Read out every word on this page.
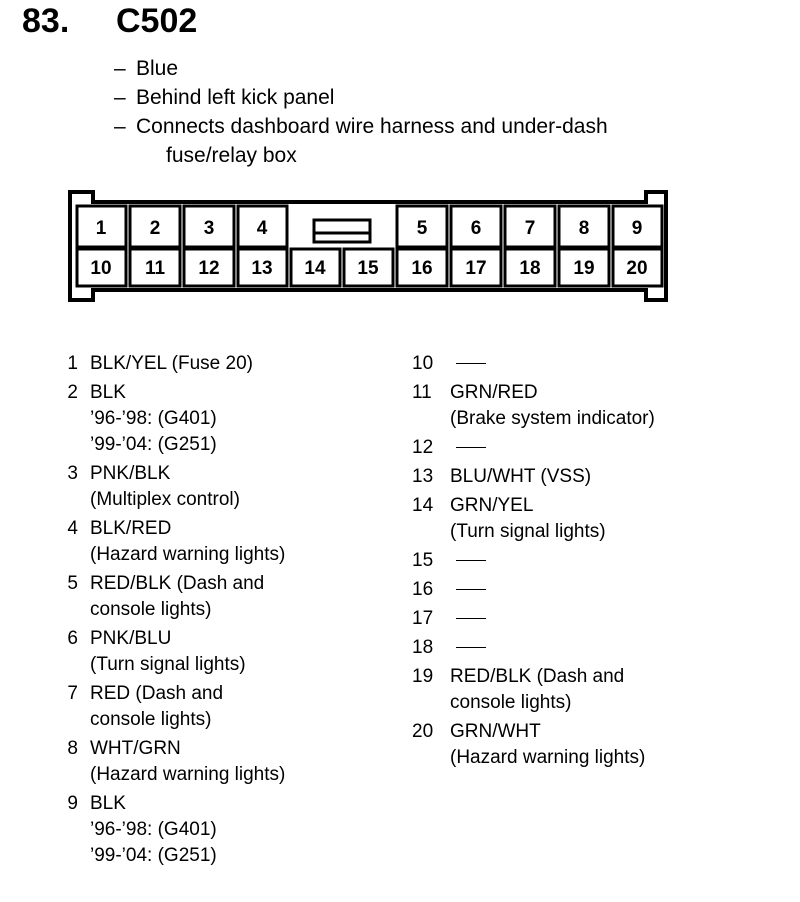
83. C502
– Blue
– Behind left kick panel
– Connects dashboard wire harness and under-dash
fuse/relay box
1 2 3 4	5 6 7 8 9
10 11 12 13 14 15 16 17 18 19 20
1 BLK/YEL (Fuse 20)
2 BLK
’96-’98: (G401)
’99-’04: (G251)
3 PNK/BLK
(Multiplex control)
4 BLK/RED
(Hazard warning lights)
5 RED/BLK (Dash and
console lights)
6 PNK/BLU
(Turn signal lights)
7 RED (Dash and
console lights)
8 WHT/GRN
(Hazard warning lights)
9 BLK
’96-’98: (G401)
’99-’04: (G251)
10
11 GRN/RED
(Brake system indicator)
12
13 BLU/WHT (VSS)
14 GRN/YEL
(Turn signal lights)
15
16
17
18
19 RED/BLK (Dash and
console lights)
20 GRN/WHT
(Hazard warning lights)
